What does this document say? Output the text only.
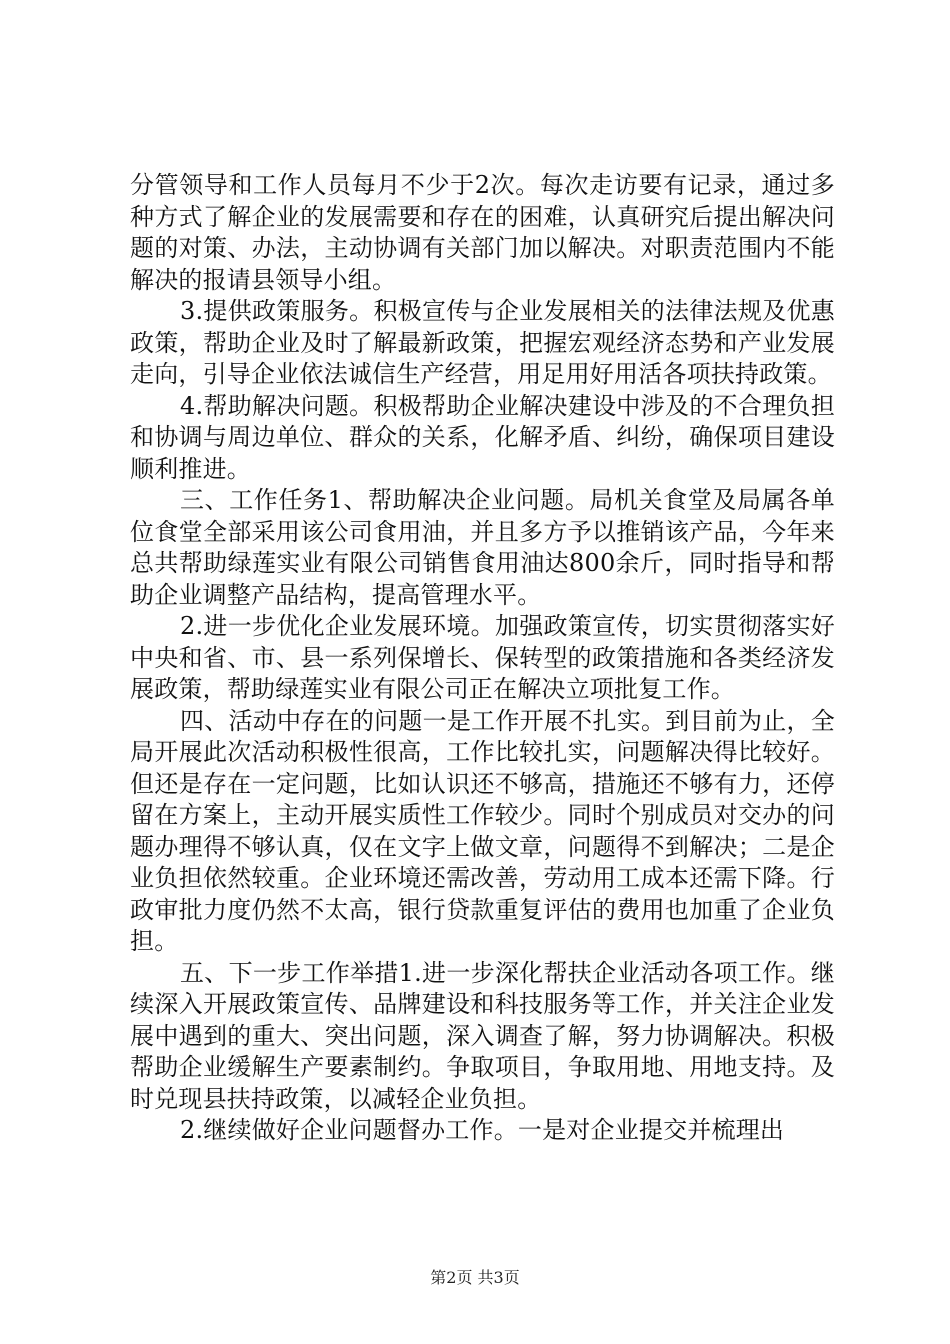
分管领导和工作人员每月不少于2次。每次走访要有记录，通过多种方式了解企业的发展需要和存在的困难，认真研究后提出解决问题的对策、办法，主动协调有关部门加以解决。对职责范围内不能解决的报请县领导小组。

3.提供政策服务。积极宣传与企业发展相关的法律法规及优惠政策，帮助企业及时了解最新政策，把握宏观经济态势和产业发展走向，引导企业依法诚信生产经营，用足用好用活各项扶持政策。

4.帮助解决问题。积极帮助企业解决建设中涉及的不合理负担和协调与周边单位、群众的关系，化解矛盾、纠纷，确保项目建设顺利推进。

三、工作任务1、帮助解决企业问题。局机关食堂及局属各单位食堂全部采用该公司食用油，并且多方予以推销该产品，今年来总共帮助绿莲实业有限公司销售食用油达800余斤，同时指导和帮助企业调整产品结构，提高管理水平。

2.进一步优化企业发展环境。加强政策宣传，切实贯彻落实好中央和省、市、县一系列保增长、保转型的政策措施和各类经济发展政策，帮助绿莲实业有限公司正在解决立项批复工作。

四、活动中存在的问题一是工作开展不扎实。到目前为止，全局开展此次活动积极性很高，工作比较扎实，问题解决得比较好。但还是存在一定问题，比如认识还不够高，措施还不够有力，还停留在方案上，主动开展实质性工作较少。同时个别成员对交办的问题办理得不够认真，仅在文字上做文章，问题得不到解决；二是企业负担依然较重。企业环境还需改善，劳动用工成本还需下降。行政审批力度仍然不太高，银行贷款重复评估的费用也加重了企业负担。

五、下一步工作举措1.进一步深化帮扶企业活动各项工作。继续深入开展政策宣传、品牌建设和科技服务等工作，并关注企业发展中遇到的重大、突出问题，深入调查了解，努力协调解决。积极帮助企业缓解生产要素制约。争取项目，争取用地、用地支持。及时兑现县扶持政策，以减轻企业负担。

2.继续做好企业问题督办工作。一是对企业提交并梳理出

第2页 共3页
